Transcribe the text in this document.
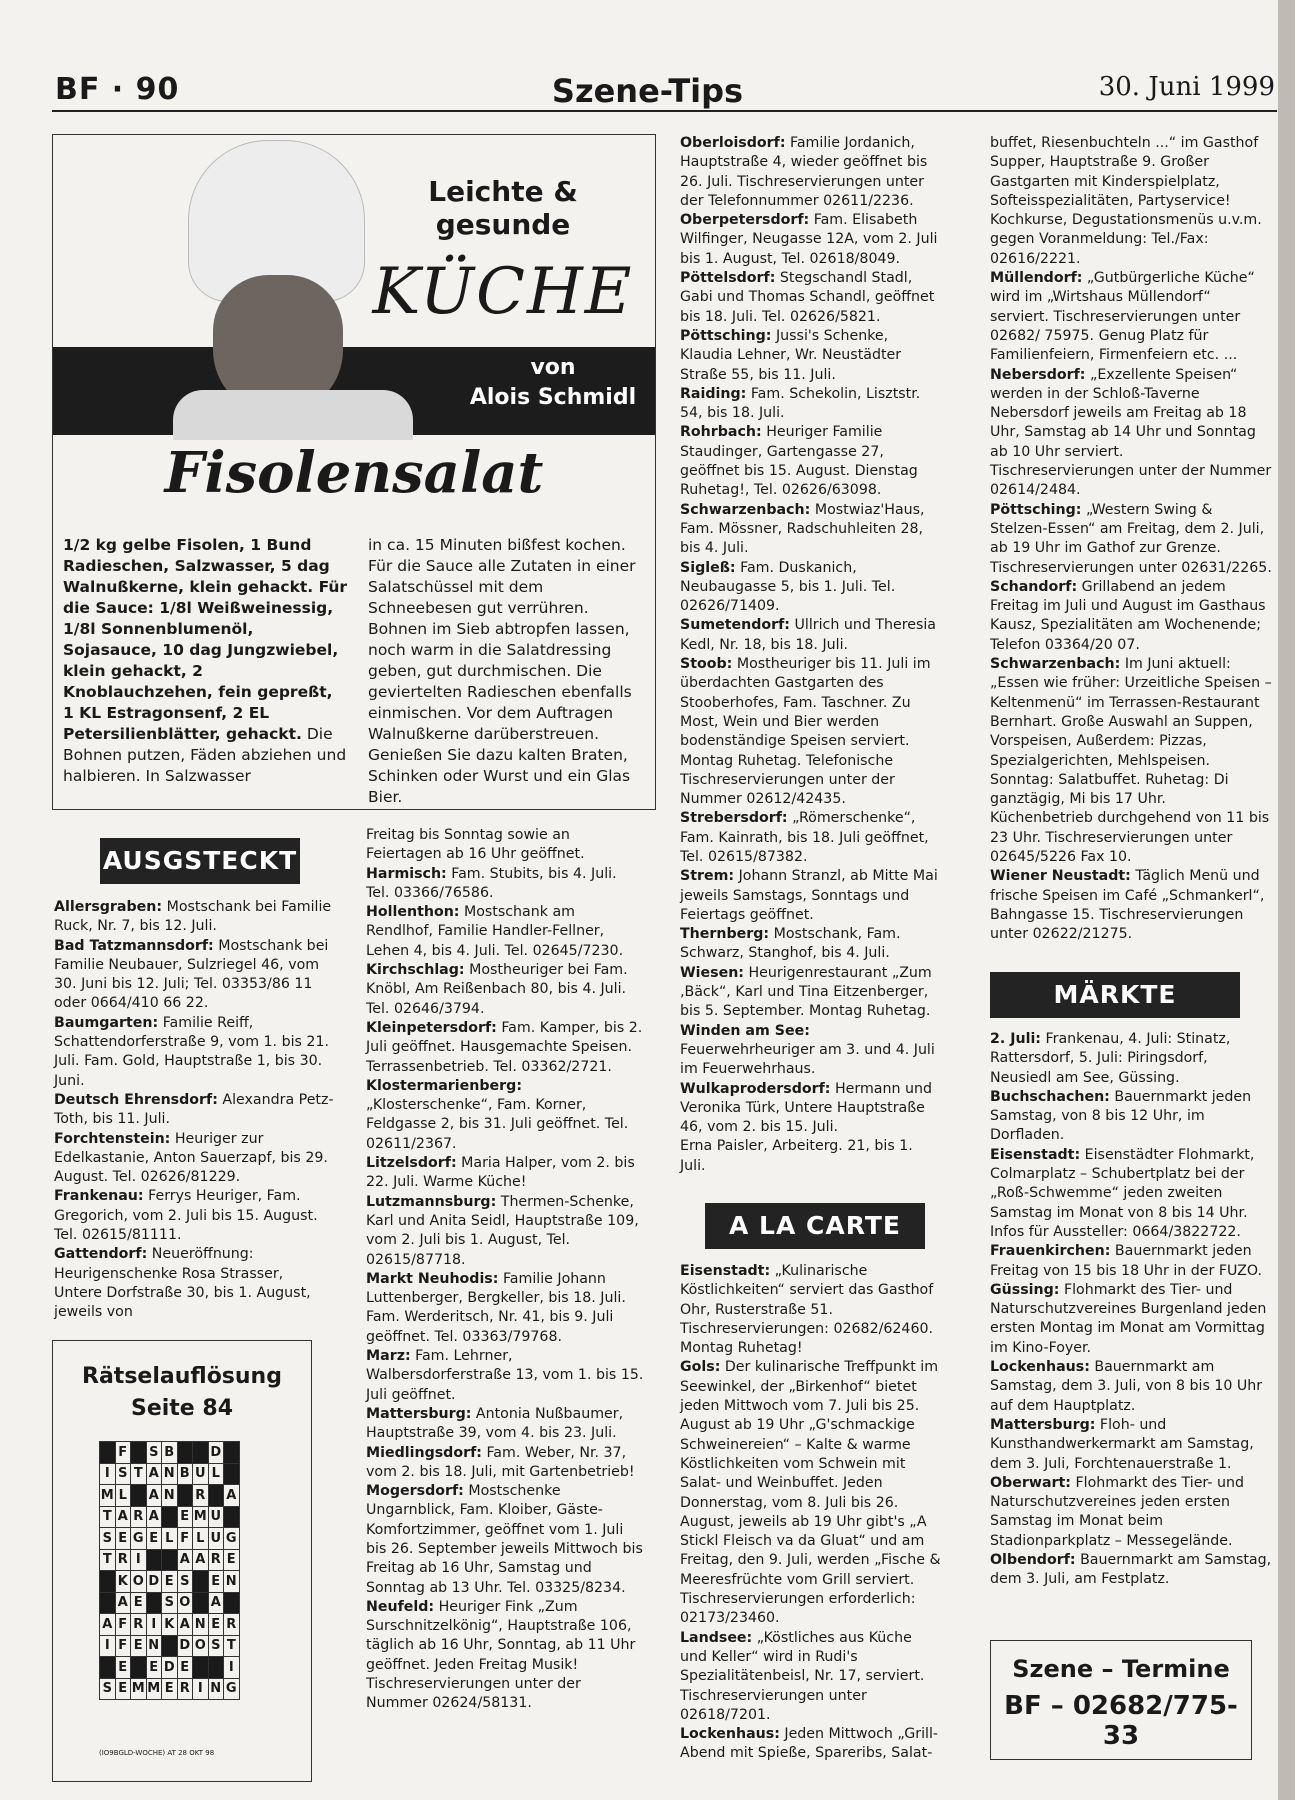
BF · 90	Szene-Tips	30. Juni 1999
Leichte & gesunde
KÜCHE
von
Alois Schmidl
Fisolensalat
1/2 kg gelbe Fisolen, 1 Bund Radieschen, Salzwasser, 5 dag Walnußkerne, klein gehackt. Für die Sauce: 1/8l Weißweinessig, 1/8l Sonnenblumenöl, Sojasauce, 10 dag Jungzwiebel, klein gehackt, 2 Knoblauchzehen, fein gepreßt, 1 KL Estragonsenf, 2 EL Petersilienblätter, gehackt. Die Bohnen putzen, Fäden abziehen und halbieren. In Salzwasser
in ca. 15 Minuten bißfest kochen. Für die Sauce alle Zutaten in einer Salatschüssel mit dem Schneebesen gut verrühren. Bohnen im Sieb abtropfen lassen, noch warm in die Salatdressing geben, gut durchmischen. Die geviertelten Radieschen ebenfalls einmischen. Vor dem Auftragen Walnußkerne darüberstreuen. Genießen Sie dazu kalten Braten, Schinken oder Wurst und ein Glas Bier.
AUSGSTECKT

Allersgraben: Mostschank bei Familie Ruck, Nr. 7, bis 12. Juli.

Bad Tatzmannsdorf: Mostschank bei Familie Neubauer, Sulzriegel 46, vom 30. Juni bis 12. Juli; Tel. 03353/86 11 oder 0664/410 66 22.

Baumgarten: Familie Reiff, Schattendorferstraße 9, vom 1. bis 21. Juli. Fam. Gold, Hauptstraße 1, bis 30. Juni.

Deutsch Ehrensdorf: Alexandra Petz-Toth, bis 11. Juli.

Forchtenstein: Heuriger zur Edelkastanie, Anton Sauerzapf, bis 29. August. Tel. 02626/81229.

Frankenau: Ferrys Heuriger, Fam. Gregorich, vom 2. Juli bis 15. August. Tel. 02615/81111.

Gattendorf: Neueröffnung: Heurigenschenke Rosa Strasser, Untere Dorfstraße 30, bis 1. August, jeweils von

Rätselauflösung
Seite 84
	F		S	B			D	
I	S	T	A	N	B	U	L	
M	L		A	N		R		A
T	A	R	A		E	M	U	
S	E	G	E	L	F	L	U	G
T	R	I			A	A	R	E
	K	O	D	E	S		E	N
	A	E		S	O		A	
A	F	R	I	K	A	N	E	R
I	F	E	N		D	O	S	T
	E		E	D	E			I
S	E	M	M	E	R	I	N	G
(IO9BGLD-WOCHE) AT 28 OKT 98

Oberloisdorf: Familie Jordanich, Hauptstraße 4, wieder geöffnet bis 26. Juli. Tischreservierungen unter der Telefonnummer 02611/2236.

Oberpetersdorf: Fam. Elisabeth Wilfinger, Neugasse 12A, vom 2. Juli bis 1. August, Tel. 02618/8049.

Pöttelsdorf: Stegschandl Stadl, Gabi und Thomas Schandl, geöffnet bis 18. Juli. Tel. 02626/5821.

Pöttsching: Jussi's Schenke, Klaudia Lehner, Wr. Neustädter Straße 55, bis 11. Juli.

Raiding: Fam. Schekolin, Lisztstr. 54, bis 18. Juli.

Rohrbach: Heuriger Familie Staudinger, Gartengasse 27, geöffnet bis 15. August. Dienstag Ruhetag!, Tel. 02626/63098.

Schwarzenbach: Mostwiaz'Haus, Fam. Mössner, Radschuhleiten 28, bis 4. Juli.

Sigleß: Fam. Duskanich, Neubaugasse 5, bis 1. Juli. Tel. 02626/71409.

Sumetendorf: Ullrich und Theresia Kedl, Nr. 18, bis 18. Juli.

Stoob: Mostheuriger bis 11. Juli im überdachten Gastgarten des Stooberhofes, Fam. Taschner. Zu Most, Wein und Bier werden bodenständige Speisen serviert. Montag Ruhetag. Telefonische Tischreservierungen unter der Nummer 02612/42435.

Strebersdorf: „Römerschenke“, Fam. Kainrath, bis 18. Juli geöffnet, Tel. 02615/87382.

Strem: Johann Stranzl, ab Mitte Mai jeweils Samstags, Sonntags und Feiertags geöffnet.

Thernberg: Mostschank, Fam. Schwarz, Stanghof, bis 4. Juli.

Wiesen: Heurigenrestaurant „Zum ‚Bäck“, Karl und Tina Eitzenberger, bis 5. September. Montag Ruhetag.

Winden am See: Feuerwehrheuriger am 3. und 4. Juli im Feuerwehrhaus.

Wulkaprodersdorf: Hermann und Veronika Türk, Untere Hauptstraße 46, vom 2. bis 15. Juli.

Erna Paisler, Arbeiterg. 21, bis 1. Juli.

Freitag bis Sonntag sowie an Feiertagen ab 16 Uhr geöffnet.

Harmisch: Fam. Stubits, bis 4. Juli. Tel. 03366/76586.

Hollenthon: Mostschank am Rendlhof, Familie Handler-Fellner, Lehen 4, bis 4. Juli. Tel. 02645/7230.

Kirchschlag: Mostheuriger bei Fam. Knöbl, Am Reißenbach 80, bis 4. Juli. Tel. 02646/3794.

Kleinpetersdorf: Fam. Kamper, bis 2. Juli geöffnet. Hausgemachte Speisen. Terrassenbetrieb. Tel. 03362/2721.

Klostermarienberg: „Klosterschenke“, Fam. Korner, Feldgasse 2, bis 31. Juli geöffnet. Tel. 02611/2367.

Litzelsdorf: Maria Halper, vom 2. bis 22. Juli. Warme Küche!

Lutzmannsburg: Thermen-Schenke, Karl und Anita Seidl, Hauptstraße 109, vom 2. Juli bis 1. August, Tel. 02615/87718.

Markt Neuhodis: Familie Johann Luttenberger, Bergkeller, bis 18. Juli. Fam. Werderitsch, Nr. 41, bis 9. Juli geöffnet. Tel. 03363/79768.

Marz: Fam. Lehrner, Walbersdorferstraße 13, vom 1. bis 15. Juli geöffnet.

Mattersburg: Antonia Nußbaumer, Hauptstraße 39, vom 4. bis 23. Juli.

Miedlingsdorf: Fam. Weber, Nr. 37, vom 2. bis 18. Juli, mit Gartenbetrieb!

Mogersdorf: Mostschenke Ungarnblick, Fam. Kloiber, Gäste-Komfortzimmer, geöffnet vom 1. Juli bis 26. September jeweils Mittwoch bis Freitag ab 16 Uhr, Samstag und Sonntag ab 13 Uhr. Tel. 03325/8234.

Neufeld: Heuriger Fink „Zum Surschnitzelkönig“, Hauptstraße 106, täglich ab 16 Uhr, Sonntag, ab 11 Uhr geöffnet. Jeden Freitag Musik! Tischreservierungen unter der Nummer 02624/58131.

A LA CARTE

Eisenstadt: „Kulinarische Köstlichkeiten“ serviert das Gasthof Ohr, Rusterstraße 51. Tischreservierungen: 02682/62460. Montag Ruhetag!

Gols: Der kulinarische Treffpunkt im Seewinkel, der „Birkenhof“ bietet jeden Mittwoch vom 7. Juli bis 25. August ab 19 Uhr „G'schmackige Schweinereien“ – Kalte & warme Köstlichkeiten vom Schwein mit Salat- und Weinbuffet. Jeden Donnerstag, vom 8. Juli bis 26. August, jeweils ab 19 Uhr gibt's „A Stickl Fleisch va da Gluat“ und am Freitag, den 9. Juli, werden „Fische & Meeresfrüchte vom Grill serviert. Tischreservierungen erforderlich: 02173/23460.

Landsee: „Köstliches aus Küche und Keller“ wird in Rudi's Spezialitätenbeisl, Nr. 17, serviert. Tischreservierungen unter 02618/7201.

Lockenhaus: Jeden Mittwoch „Grill-Abend mit Spieße, Spareribs, Salat-

buffet, Riesenbuchteln ...“ im Gasthof Supper, Hauptstraße 9. Großer Gastgarten mit Kinderspielplatz, Softeisspezialitäten, Partyservice! Kochkurse, Degustationsmenüs u.v.m. gegen Voranmeldung: Tel./Fax: 02616/2221.

Müllendorf: „Gutbürgerliche Küche“ wird im „Wirtshaus Müllendorf“ serviert. Tischreservierungen unter 02682/ 75975. Genug Platz für Familienfeiern, Firmenfeiern etc. ...

Nebersdorf: „Exzellente Speisen“ werden in der Schloß-Taverne Nebersdorf jeweils am Freitag ab 18 Uhr, Samstag ab 14 Uhr und Sonntag ab 10 Uhr serviert. Tischreservierungen unter der Nummer 02614/2484.

Pöttsching: „Western Swing & Stelzen-Essen“ am Freitag, dem 2. Juli, ab 19 Uhr im Gathof zur Grenze. Tischreservierungen unter 02631/2265.

Schandorf: Grillabend an jedem Freitag im Juli und August im Gasthaus Kausz, Spezialitäten am Wochenende; Telefon 03364/20 07.

Schwarzenbach: Im Juni aktuell: „Essen wie früher: Urzeitliche Speisen – Keltenmenü“ im Terrassen-Restaurant Bernhart. Große Auswahl an Suppen, Vorspeisen, Außerdem: Pizzas, Spezialgerichten, Mehlspeisen. Sonntag: Salatbuffet. Ruhetag: Di ganztägig, Mi bis 17 Uhr. Küchenbetrieb durchgehend von 11 bis 23 Uhr. Tischreservierungen unter 02645/5226 Fax 10.

Wiener Neustadt: Täglich Menü und frische Speisen im Café „Schmankerl“, Bahngasse 15. Tischreservierungen unter 02622/21275.

MÄRKTE

2. Juli: Frankenau, 4. Juli: Stinatz, Rattersdorf, 5. Juli: Piringsdorf, Neusiedl am See, Güssing.

Buchschachen: Bauernmarkt jeden Samstag, von 8 bis 12 Uhr, im Dorfladen.

Eisenstadt: Eisenstädter Flohmarkt, Colmarplatz – Schubertplatz bei der „Roß-Schwemme“ jeden zweiten Samstag im Monat von 8 bis 14 Uhr. Infos für Aussteller: 0664/3822722.

Frauenkirchen: Bauernmarkt jeden Freitag von 15 bis 18 Uhr in der FUZO.

Güssing: Flohmarkt des Tier- und Naturschutzvereines Burgenland jeden ersten Montag im Monat am Vormittag im Kino-Foyer.

Lockenhaus: Bauernmarkt am Samstag, dem 3. Juli, von 8 bis 10 Uhr auf dem Hauptplatz.

Mattersburg: Floh- und Kunsthandwerkermarkt am Samstag, dem 3. Juli, Forchtenauerstraße 1.

Oberwart: Flohmarkt des Tier- und Naturschutzvereines jeden ersten Samstag im Monat beim Stadionparkplatz – Messegelände.

Olbendorf: Bauernmarkt am Samstag, dem 3. Juli, am Festplatz.

Szene – Termine
BF – 02682/775-33
